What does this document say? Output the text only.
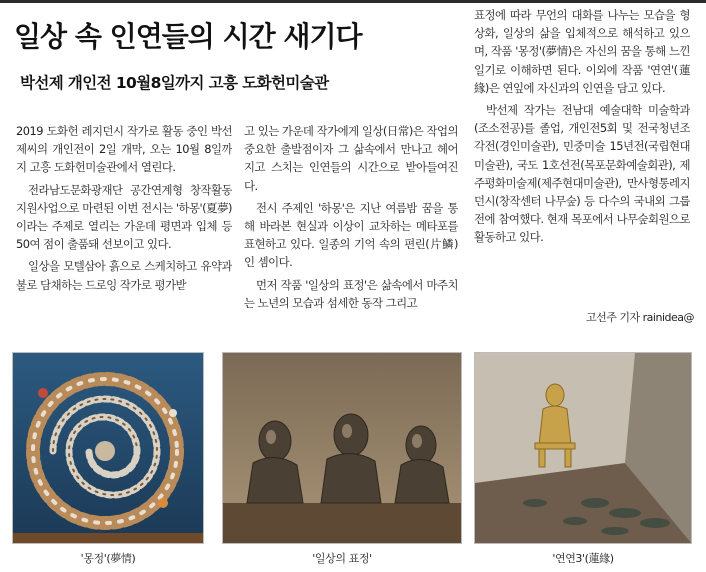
일상 속 인연들의 시간 새기다
박선제 개인전 10월8일까지 고흥 도화헌미술관

2019 도화헌 레지던시 작가로 활동 중인 박선제씨의 개인전이 2일 개막, 오는 10월 8일까지 고흥 도화헌미술관에서 열린다.

전라남도문화광재단 공간연계형 창작활동 지원사업으로 마련된 이번 전시는 '하몽'(夏夢)이라는 주제로 열리는 가운데 평면과 입체 등 50여 점이 출품돼 선보이고 있다.

일상을 모텔삼아 흙으로 스케치하고 유약과 불로 담채하는 드로잉 작가로 평가받

고 있는 가운데 작가에게 일상(日常)은 작업의 중요한 출발점이자 그 삶속에서 만나고 헤어지고 스치는 인연들의 시간으로 받아들여진다.

전시 주제인 '하몽'은 지난 여름밤 꿈을 통해 바라본 현실과 이상이 교차하는 메타포를 표현하고 있다. 일종의 기억 속의 편린(片鱗)인 셈이다.

먼저 작품 '일상의 표정'은 삶속에서 마주치는 노년의 모습과 섬세한 동작 그리고

표정에 따라 무언의 대화를 나누는 모습을 형상화, 일상의 삶을 입체적으로 해석하고 있으며, 작품 '몽정'(夢情)은 자신의 꿈을 통해 느낀 일기로 이해하면 된다. 이외에 작품 '연연'(蓮緣)은 연잎에 자신과의 인연을 담고 있다.

박선제 작가는 전남대 예술대학 미술학과(조소전공)를 졸업, 개인전5회 및 전국청년조각전(경인미술관), 민중미술 15년전(국립현대미술관), 국도 1호선전(목포문화예술회관), 제주평화미술제(제주현대미술관), 만사형통레지던시(창작센터 나무숲) 등 다수의 국내외 그룹전에 참여했다. 현재 목포에서 나무숲회원으로 활동하고 있다.

고선주 기자 rainidea@
'몽정'(夢情)	'일상의 표정'	'연연3'(蓮緣)
